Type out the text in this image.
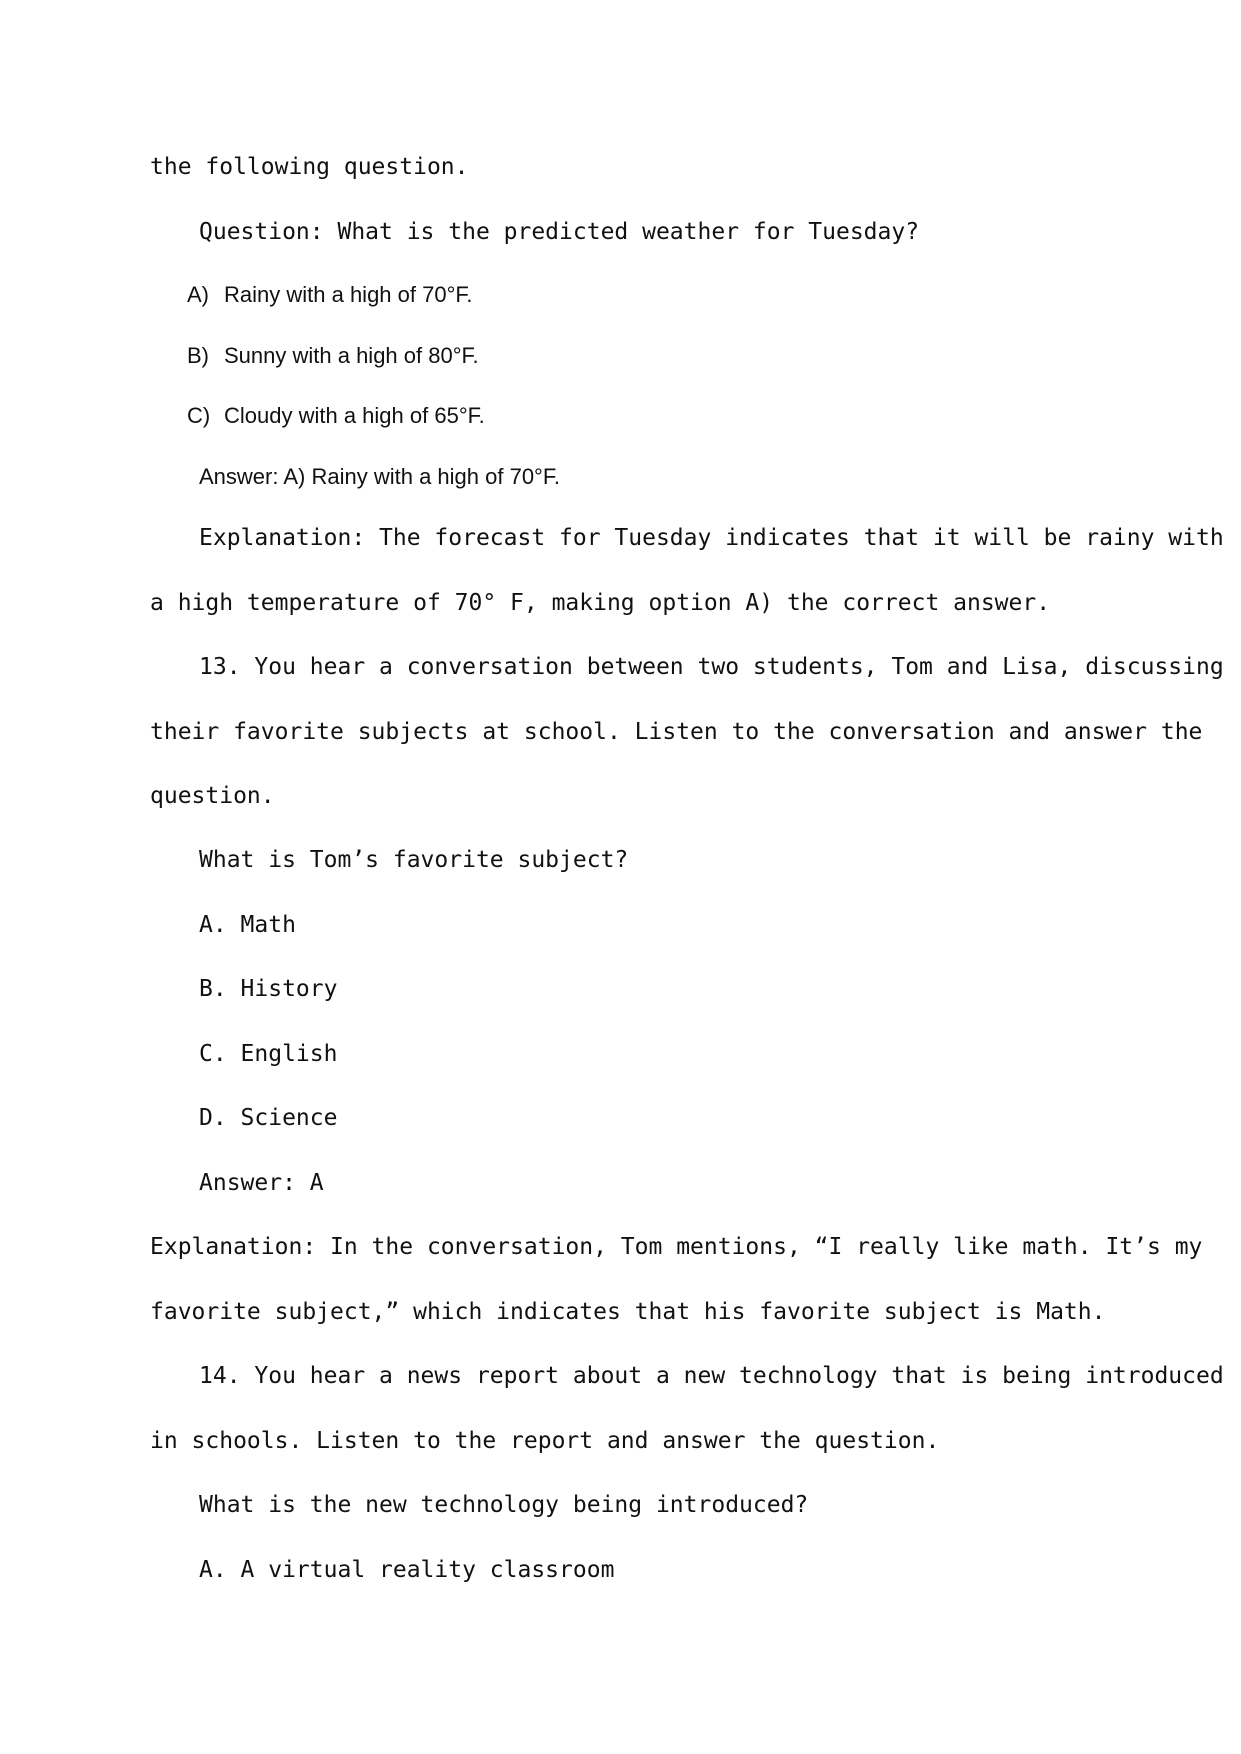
the following question.
Question: What is the predicted weather for Tuesday?
A) Rainy with a high of 70°F.
B) Sunny with a high of 80°F.
C) Cloudy with a high of 65°F.
Answer: A) Rainy with a high of 70°F.
Explanation: The forecast for Tuesday indicates that it will be rainy with
a high temperature of 70° F, making option A) the correct answer.
13. You hear a conversation between two students, Tom and Lisa, discussing
their favorite subjects at school. Listen to the conversation and answer the
question.
What is Tom’s favorite subject?
A. Math
B. History
C. English
D. Science
Answer: A
Explanation: In the conversation, Tom mentions, “I really like math. It’s my
favorite subject,” which indicates that his favorite subject is Math.
14. You hear a news report about a new technology that is being introduced
in schools. Listen to the report and answer the question.
What is the new technology being introduced?
A. A virtual reality classroom
